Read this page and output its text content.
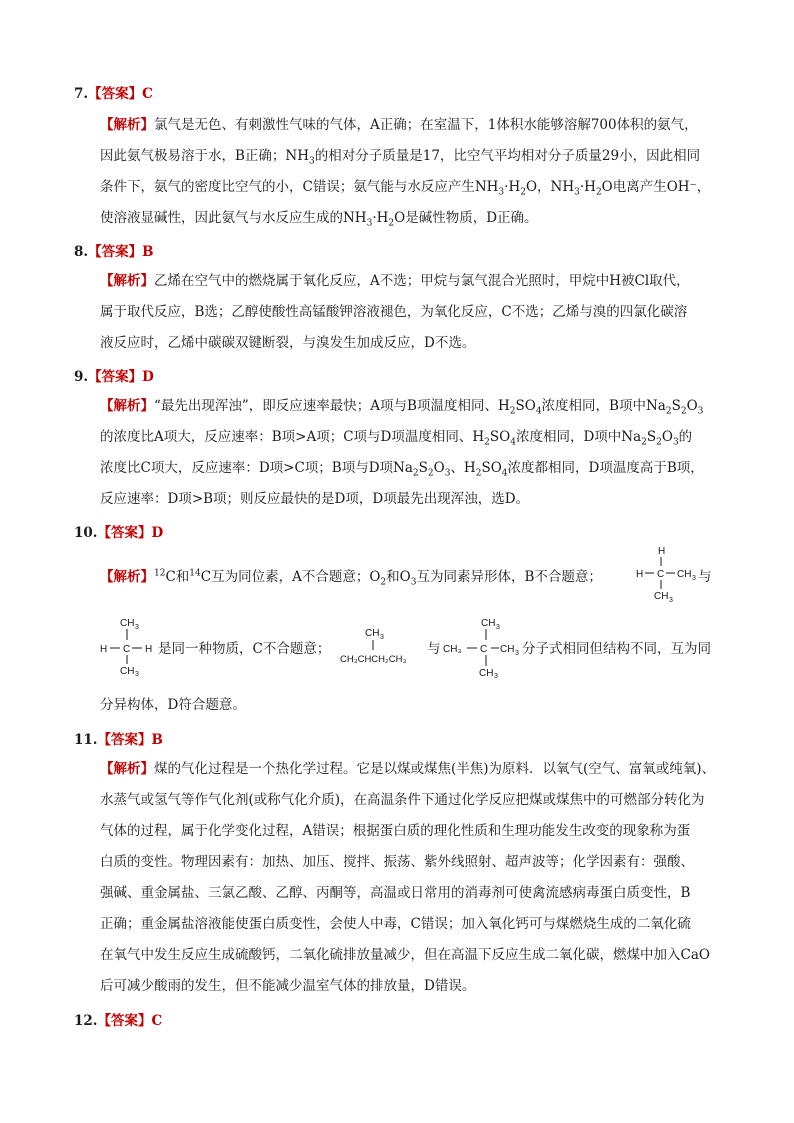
7.【答案】C
【解析】氯气是无色、有刺激性气味的气体，A正确；在室温下，1体积水能够溶解700体积的氨气，
因此氨气极易溶于水，B正确；$NH_3$的相对分子质量是17，比空气平均相对分子质量29小，因此相同
条件下，氨气的密度比空气的小，C错误；氨气能与水反应产生$NH_3\cdot H_2O$，$NH_3\cdot H_2O$电离产生OH⁻，
使溶液显碱性，因此氨气与水反应生成的$NH_3\cdot H_2O$是碱性物质，D正确。
8.【答案】B
【解析】乙烯在空气中的燃烧属于氧化反应，A不选；甲烷与氯气混合光照时，甲烷中H被Cl取代，
属于取代反应，B选；乙醇使酸性高锰酸钾溶液褪色，为氧化反应，C不选；乙烯与溴的四氯化碳溶
液反应时，乙烯中碳碳双键断裂，与溴发生加成反应，D不选。
9.【答案】D
【解析】“最先出现浑浊”，即反应速率最快；A项与B项温度相同、$H_2SO_4$浓度相同，B项中$Na_2S_2O_3$
的浓度比A项大，反应速率：B项>A项；C项与D项温度相同、$H_2SO_4$浓度相同，D项中$Na_2S_2O_3$的
浓度比C项大，反应速率：D项>C项；B项与D项$Na_2S_2O_3$、$H_2SO_4$浓度都相同，D项温度高于B项，
反应速率：D项>B项；则反应最快的是D项，D项最先出现浑浊，选D。
10.【答案】D
【解析】$^{12}$C和$^{14}$C互为同位素，A不合题意；$O_2$和$O_3$互为同素异形体，B不合题意；
H
H C CH 3
CH 3
与
CH 3
H C H
CH 3
是同一种物质，C不合题意；
CH 3
CH₃CHCH₂CH₃
与
CH 3
CH₃ C CH 3
CH 3
分子式相同但结构不同，互为同
分异构体，D符合题意。
11.【答案】B
【解析】煤的气化过程是一个热化学过程。它是以煤或煤焦(半焦)为原料．以氧气(空气、富氧或纯氧)、
水蒸气或氢气等作气化剂(或称气化介质)，在高温条件下通过化学反应把煤或煤焦中的可燃部分转化为
气体的过程，属于化学变化过程，A错误；根据蛋白质的理化性质和生理功能发生改变的现象称为蛋
白质的变性。物理因素有：加热、加压、搅拌、振荡、紫外线照射、超声波等；化学因素有：强酸、
强碱、重金属盐、三氯乙酸、乙醇、丙酮等，高温或日常用的消毒剂可使禽流感病毒蛋白质变性，B
正确；重金属盐溶液能使蛋白质变性，会使人中毒，C错误；加入氧化钙可与煤燃烧生成的二氧化硫
在氧气中发生反应生成硫酸钙，二氧化硫排放量减少，但在高温下反应生成二氧化碳，燃煤中加入CaO
后可减少酸雨的发生，但不能减少温室气体的排放量，D错误。
12.【答案】C
